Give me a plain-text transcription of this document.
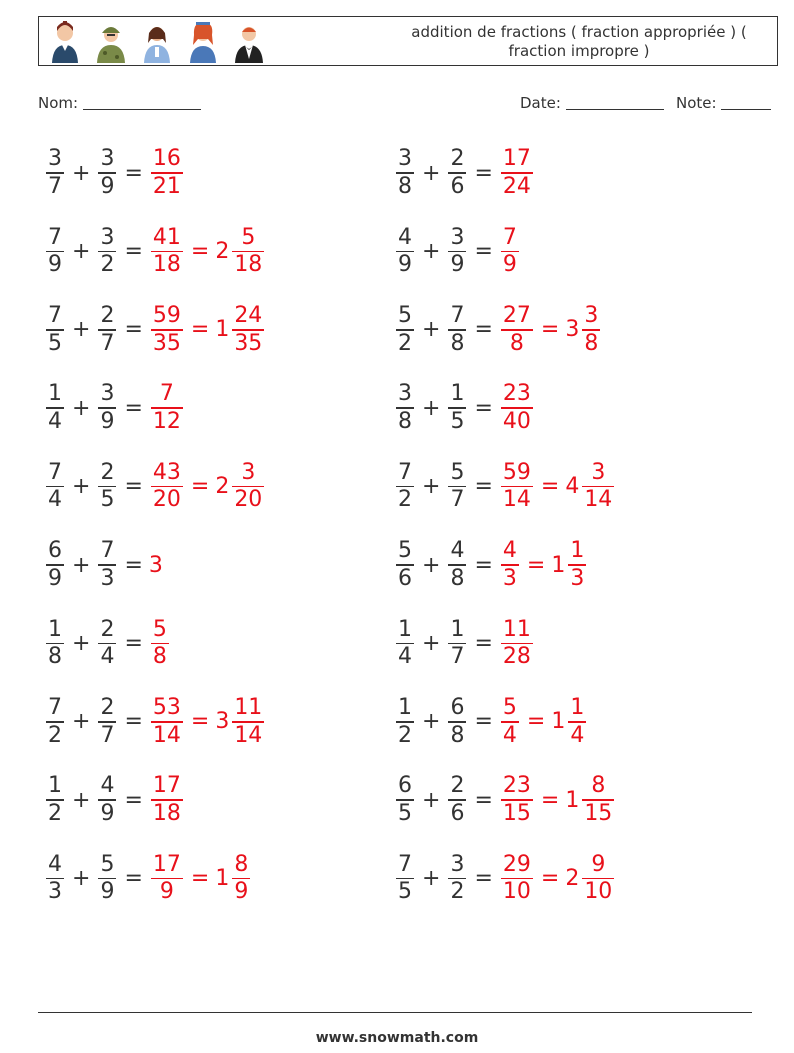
addition de fractions ( fraction appropriée ) ( fraction impropre )
Nom:	Date:	Note:
$\frac{3}{7} + \frac{3}{9} = \frac{16}{21}$	$\frac{3}{8} + \frac{2}{6} = \frac{17}{24}$
$\frac{7}{9} + \frac{3}{2} = \frac{41}{18} = 2 \frac{5}{18}$	$\frac{4}{9} + \frac{3}{9} = \frac{7}{9}$
$\frac{7}{5} + \frac{2}{7} = \frac{59}{35} = 1 \frac{24}{35}$	$\frac{5}{2} + \frac{7}{8} = \frac{27}{8} = 3 \frac{3}{8}$
$\frac{1}{4} + \frac{3}{9} = \frac{7}{12}$	$\frac{3}{8} + \frac{1}{5} = \frac{23}{40}$
$\frac{7}{4} + \frac{2}{5} = \frac{43}{20} = 2 \frac{3}{20}$	$\frac{7}{2} + \frac{5}{7} = \frac{59}{14} = 4 \frac{3}{14}$
$\frac{6}{9} + \frac{7}{3} = 3$	$\frac{5}{6} + \frac{4}{8} = \frac{4}{3} = 1 \frac{1}{3}$
$\frac{1}{8} + \frac{2}{4} = \frac{5}{8}$	$\frac{1}{4} + \frac{1}{7} = \frac{11}{28}$
$\frac{7}{2} + \frac{2}{7} = \frac{53}{14} = 3 \frac{11}{14}$	$\frac{1}{2} + \frac{6}{8} = \frac{5}{4} = 1 \frac{1}{4}$
$\frac{1}{2} + \frac{4}{9} = \frac{17}{18}$	$\frac{6}{5} + \frac{2}{6} = \frac{23}{15} = 1 \frac{8}{15}$
$\frac{4}{3} + \frac{5}{9} = \frac{17}{9} = 1 \frac{8}{9}$	$\frac{7}{5} + \frac{3}{2} = \frac{29}{10} = 2 \frac{9}{10}$
www.snowmath.com
